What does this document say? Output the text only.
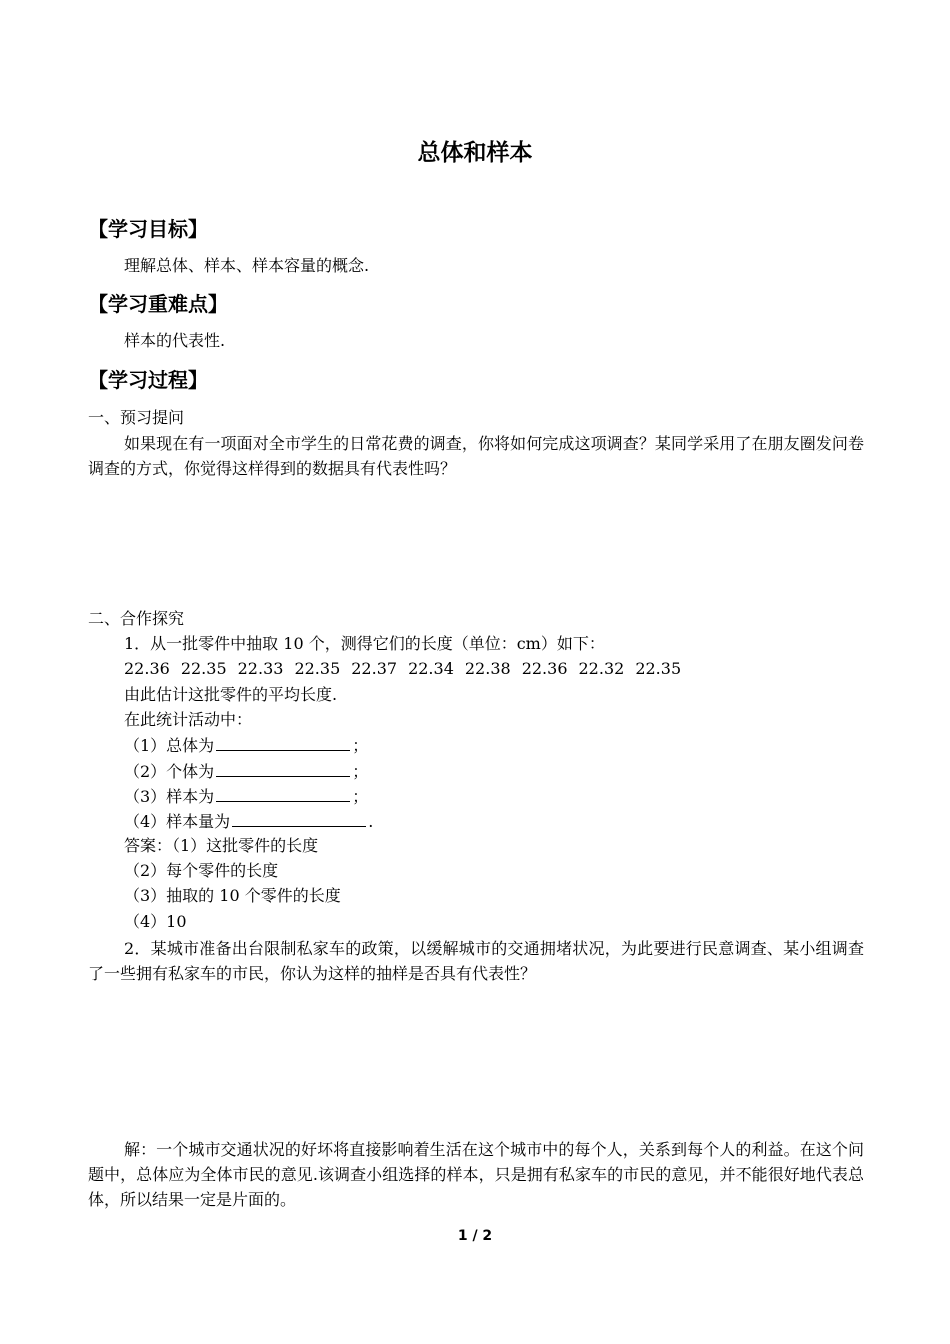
总体和样本
【学习目标】
理解总体、样本、样本容量的概念.
【学习重难点】
样本的代表性.
【学习过程】
一、预习提问
如果现在有一项面对全市学生的日常花费的调查，你将如何完成这项调查？某同学采用了在朋友圈发问卷调查的方式，你觉得这样得到的数据具有代表性吗？
二、合作探究
1．从一批零件中抽取 10 个，测得它们的长度（单位：cm）如下：
22.36 22.35 22.33 22.35 22.37 22.34 22.38 22.36 22.32 22.35
由此估计这批零件的平均长度.
在此统计活动中：
（1）总体为	；
（2）个体为	；
（3）样本为	；
（4）样本量为	.
答案：（1）这批零件的长度
（2）每个零件的长度
（3）抽取的 10 个零件的长度
（4）10
2．某城市准备出台限制私家车的政策，以缓解城市的交通拥堵状况，为此要进行民意调查、某小组调查了一些拥有私家车的市民，你认为这样的抽样是否具有代表性？
解：一个城市交通状况的好坏将直接影响着生活在这个城市中的每个人，关系到每个人的利益。在这个问题中，总体应为全体市民的意见.该调查小组选择的样本，只是拥有私家车的市民的意见，并不能很好地代表总体，所以结果一定是片面的。
1 / 2
